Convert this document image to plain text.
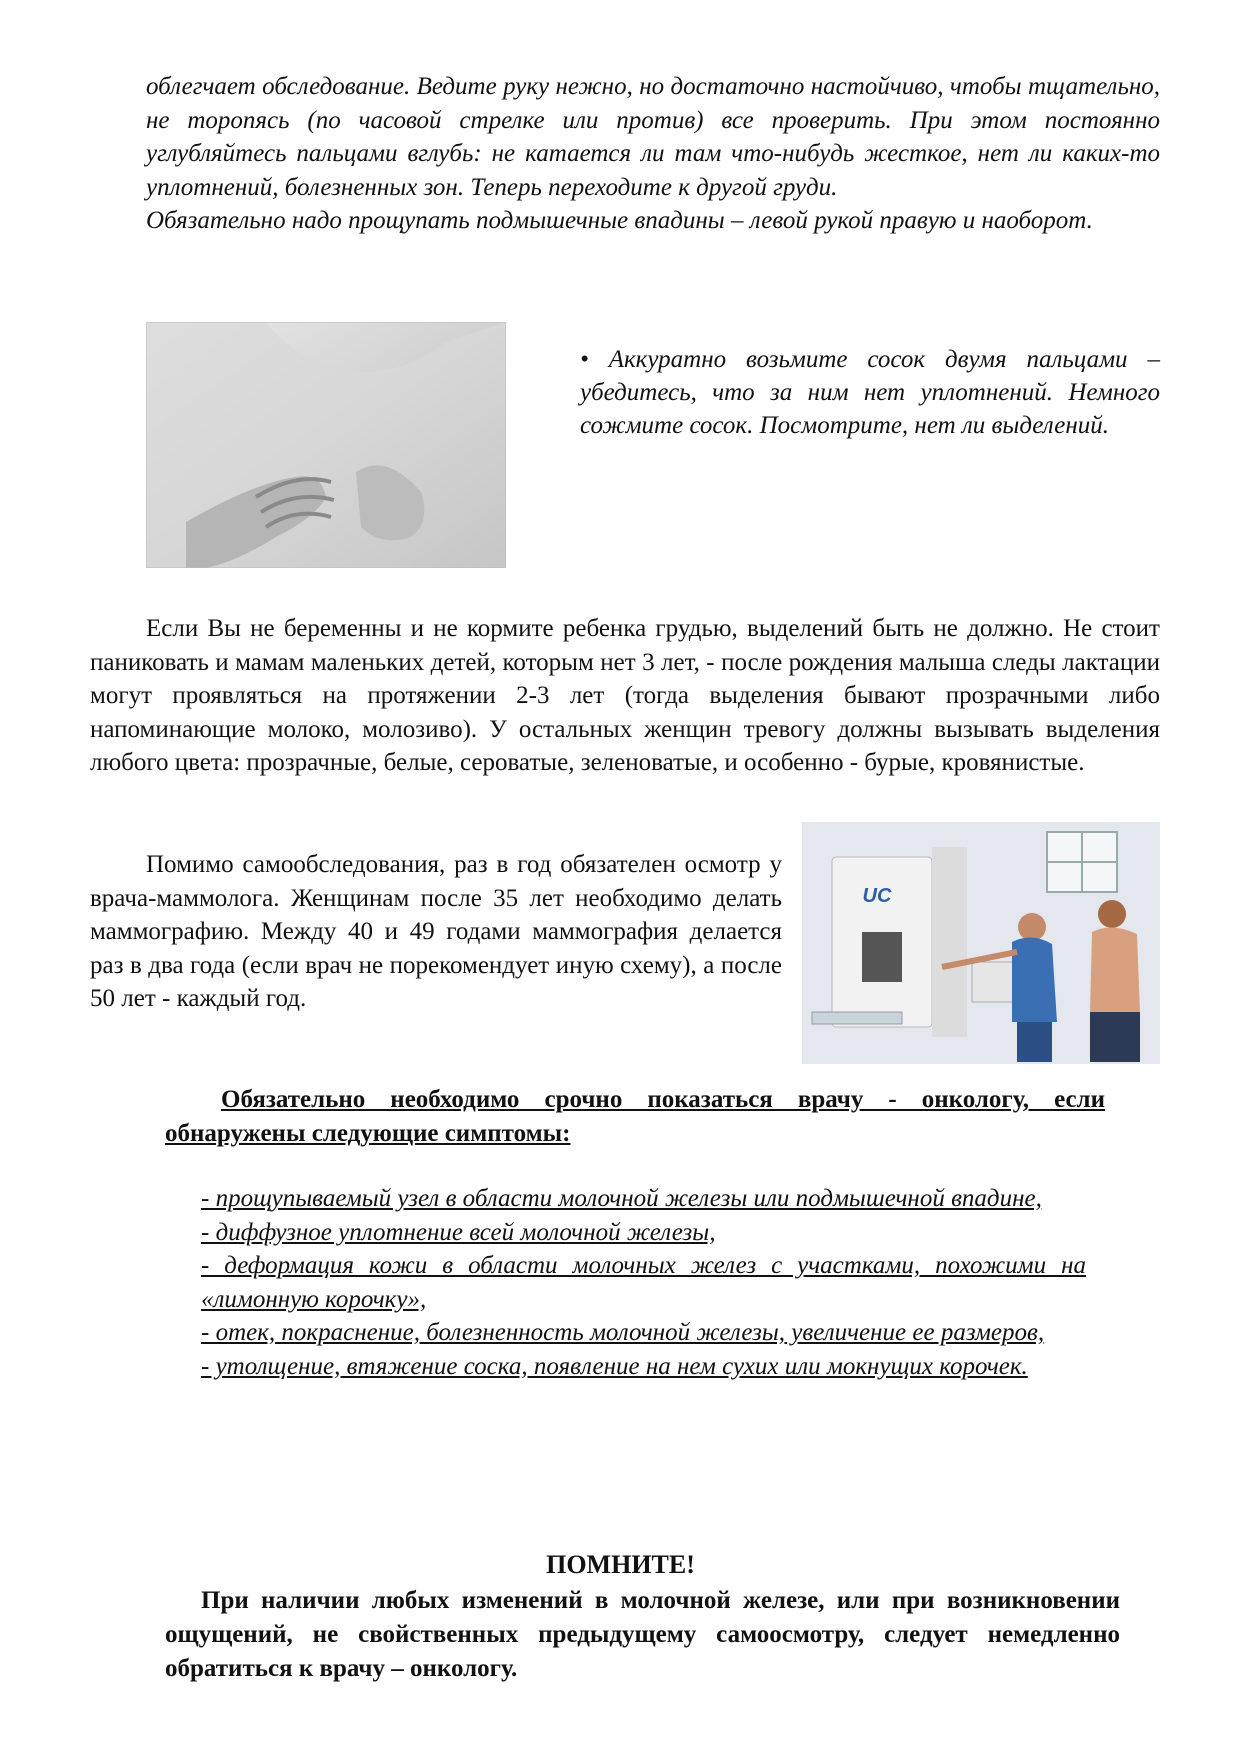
облегчает обследование. Ведите руку нежно, но достаточно настойчиво, чтобы тщательно, не торопясь (по часовой стрелке или против) все проверить. При этом постоянно углубляйтесь пальцами вглубь: не катается ли там что-нибудь жесткое, нет ли каких-то уплотнений, болезненных зон. Теперь переходите к другой груди.

Обязательно надо прощупать подмышечные впадины – левой рукой правую и наоборот.

• Аккуратно возьмите сосок двумя пальцами – убедитесь, что за ним нет уплотнений. Немного сожмите сосок. Посмотрите, нет ли выделений.

Если Вы не беременны и не кормите ребенка грудью, выделений быть не должно. Не стоит паниковать и мамам маленьких детей, которым нет 3 лет, - после рождения малыша следы лактации могут проявляться на протяжении 2-3 лет (тогда выделения бывают прозрачными либо напоминающие молоко, молозиво). У остальных женщин тревогу должны вызывать выделения любого цвета: прозрачные, белые, сероватые, зеленоватые, и особенно - бурые, кровянистые.

Помимо самообследования, раз в год обязателен осмотр у врача-маммолога. Женщинам после 35 лет необходимо делать маммографию. Между 40 и 49 годами маммография делается раз в два года (если врач не порекомендует иную схему), а после 50 лет - каждый год.

UC

Обязательно необходимо срочно показаться врачу - онкологу, если обнаружены следующие симптомы:

- прощупываемый узел в области молочной железы или подмышечной впадине,
- диффузное уплотнение всей молочной железы,
- деформация кожи в области молочных желез с участками, похожими на «лимонную корочку»,
- отек, покраснение, болезненность молочной железы, увеличение ее размеров,
- утолщение, втяжение соска, появление на нем сухих или мокнущих корочек.
ПОМНИТЕ!

При наличии любых изменений в молочной железе, или при возникновении ощущений, не свойственных предыдущему самоосмотру, следует немедленно обратиться к врачу – онкологу.
